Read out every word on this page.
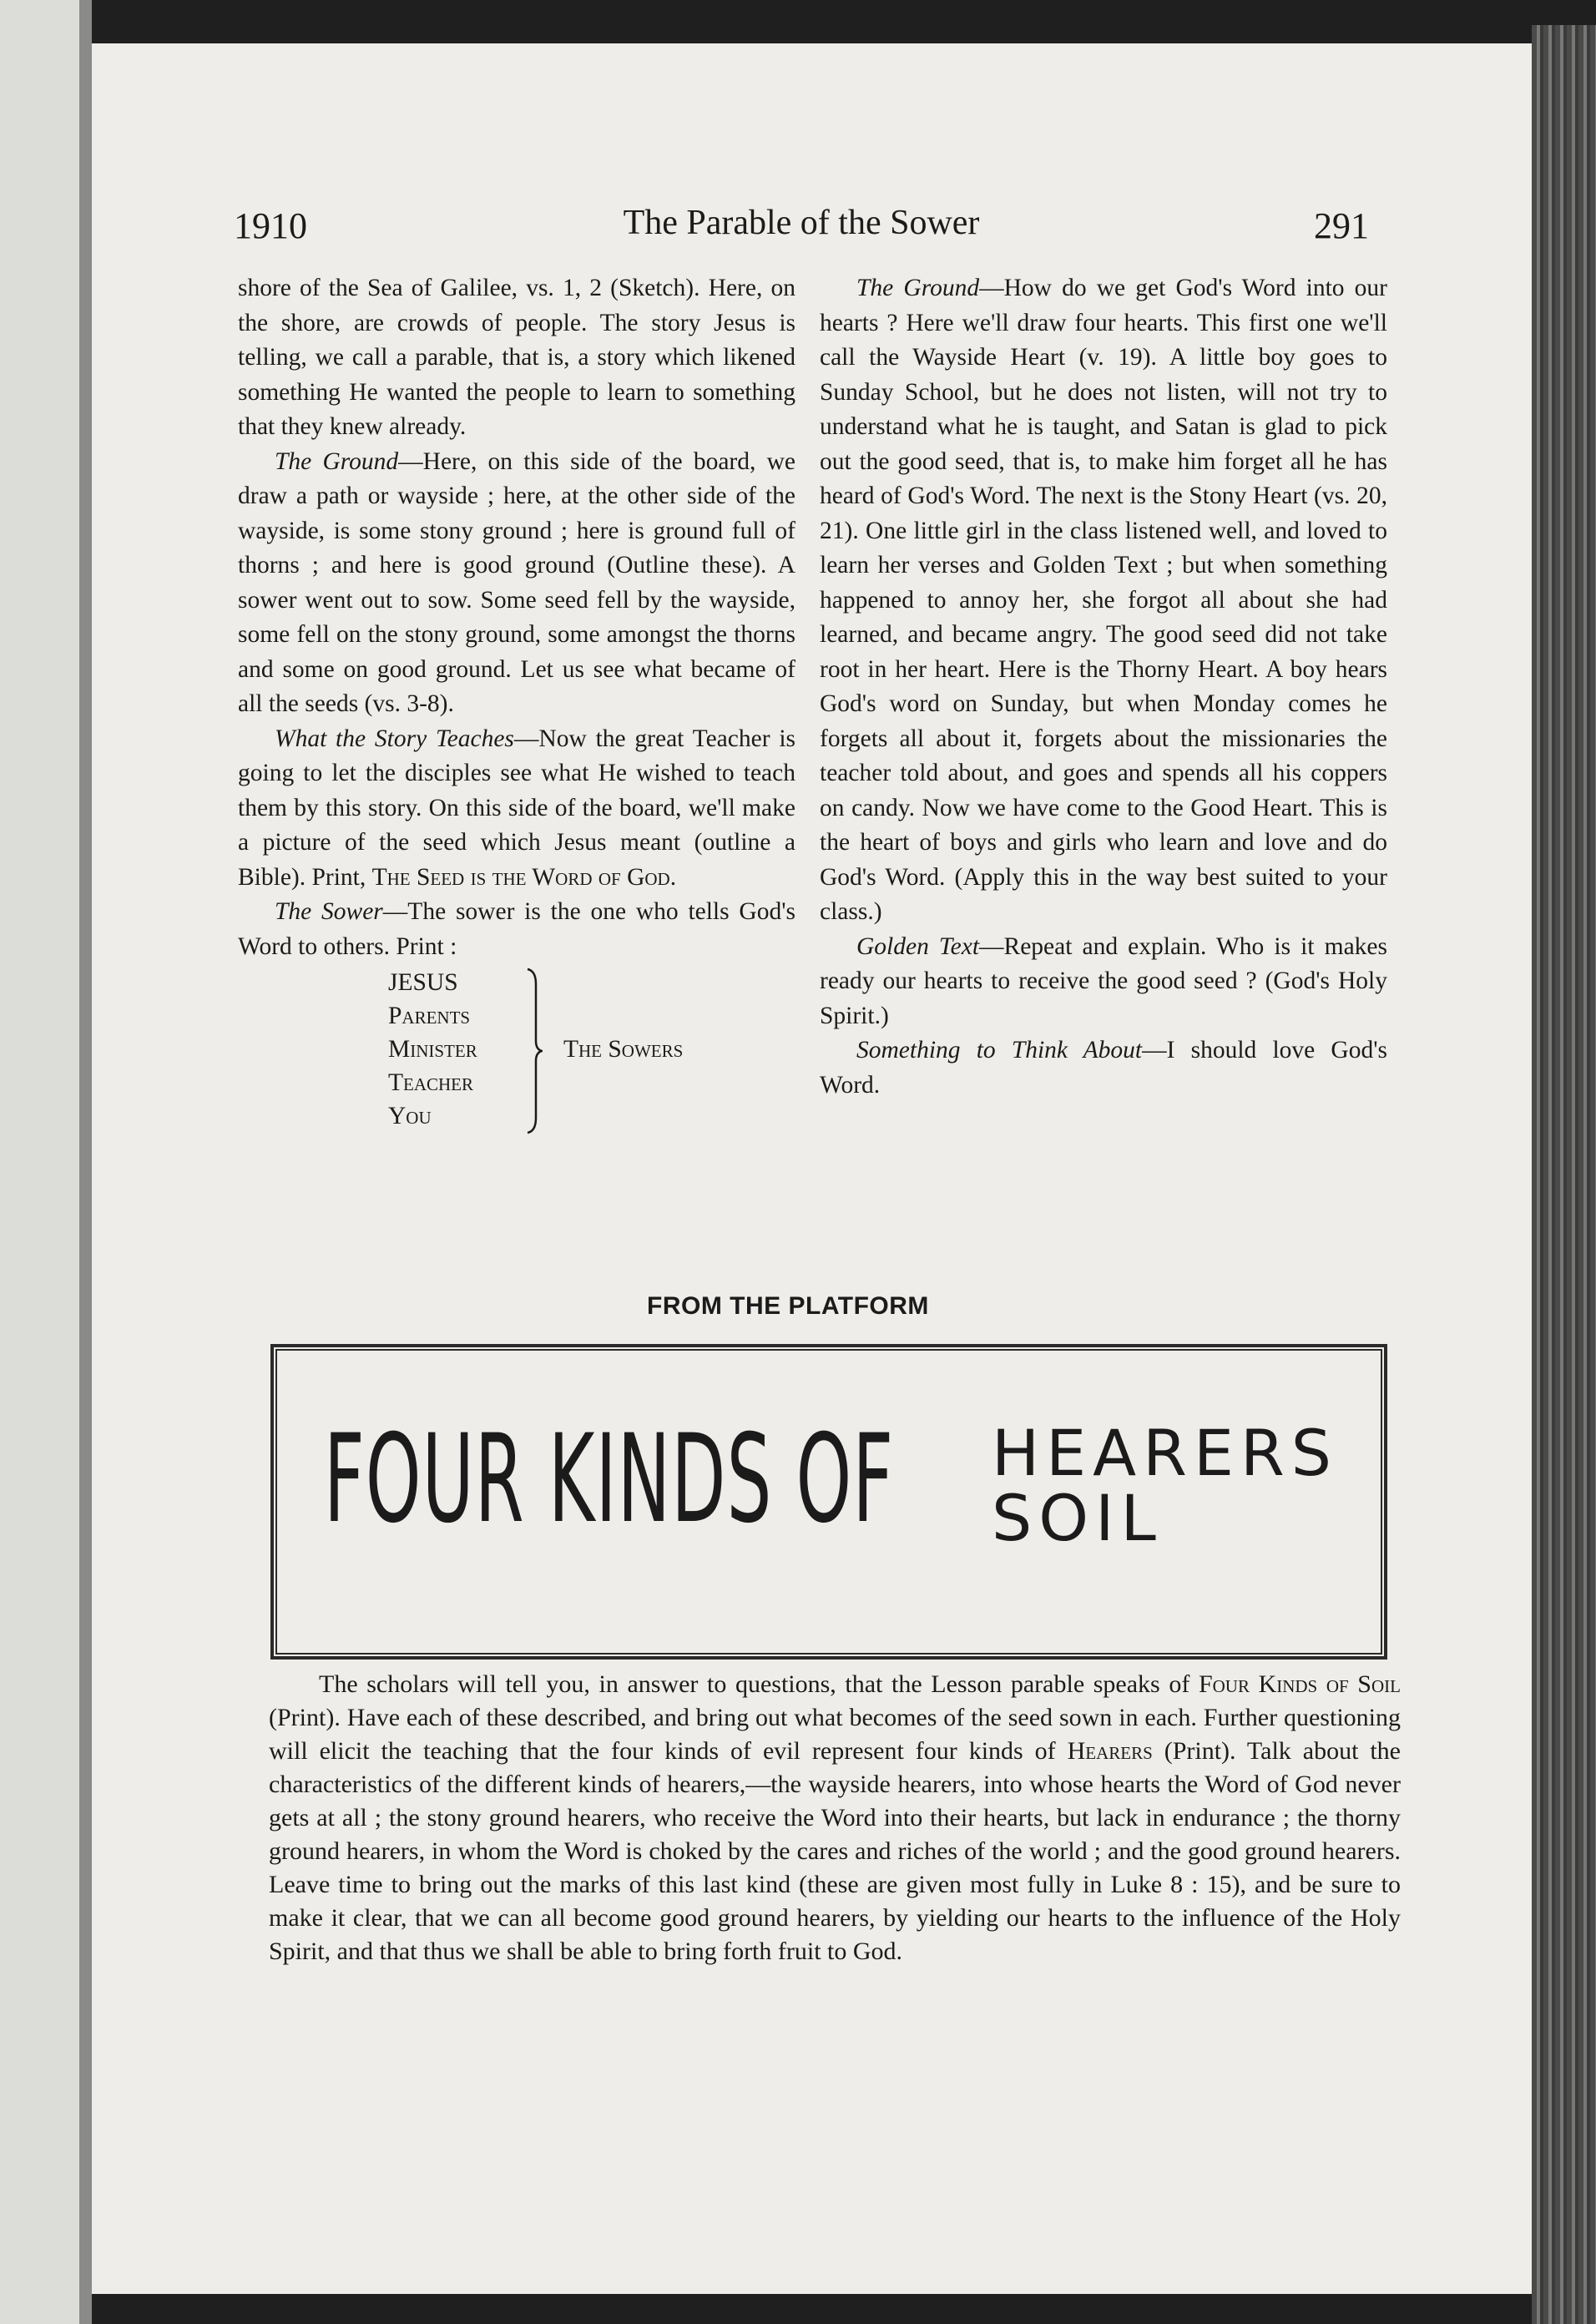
1910	The Parable of the Sower	291

shore of the Sea of Galilee, vs. 1, 2 (Sketch). Here, on the shore, are crowds of people. The story Jesus is telling, we call a parable, that is, a story which likened something He wanted the people to learn to something that they knew already.

The Ground—Here, on this side of the board, we draw a path or wayside ; here, at the other side of the wayside, is some stony ground ; here is ground full of thorns ; and here is good ground (Outline these). A sower went out to sow. Some seed fell by the wayside, some fell on the stony ground, some amongst the thorns and some on good ground. Let us see what became of all the seeds (vs. 3-8).

What the Story Teaches—Now the great Teacher is going to let the disciples see what He wished to teach them by this story. On this side of the board, we'll make a picture of the seed which Jesus meant (outline a Bible). Print, The Seed is the Word of God.

The Sower—The sower is the one who tells God's Word to others. Print :

JESUS
Parents
Minister
Teacher
You
The Sowers

The Ground—How do we get God's Word into our hearts ? Here we'll draw four hearts. This first one we'll call the Wayside Heart (v. 19). A little boy goes to Sunday School, but he does not listen, will not try to understand what he is taught, and Satan is glad to pick out the good seed, that is, to make him forget all he has heard of God's Word. The next is the Stony Heart (vs. 20, 21). One little girl in the class listened well, and loved to learn her verses and Golden Text ; but when something happened to annoy her, she forgot all about she had learned, and became angry. The good seed did not take root in her heart. Here is the Thorny Heart. A boy hears God's word on Sunday, but when Monday comes he forgets all about it, forgets about the missionaries the teacher told about, and goes and spends all his coppers on candy. Now we have come to the Good Heart. This is the heart of boys and girls who learn and love and do God's Word. (Apply this in the way best suited to your class.)

Golden Text—Repeat and explain. Who is it makes ready our hearts to receive the good seed ? (God's Holy Spirit.)

Something to Think About—I should love God's Word.

FROM THE PLATFORM
FOUR KINDS OF HEARERS
SOIL
The scholars will tell you, in answer to questions, that the Lesson parable speaks of Four Kinds of Soil (Print). Have each of these described, and bring out what becomes of the seed sown in each. Further questioning will elicit the teaching that the four kinds of evil represent four kinds of Hearers (Print). Talk about the characteristics of the different kinds of hearers,—the wayside hearers, into whose hearts the Word of God never gets at all ; the stony ground hearers, who receive the Word into their hearts, but lack in endurance ; the thorny ground hearers, in whom the Word is choked by the cares and riches of the world ; and the good ground hearers. Leave time to bring out the marks of this last kind (these are given most fully in Luke 8 : 15), and be sure to make it clear, that we can all become good ground hearers, by yielding our hearts to the influence of the Holy Spirit, and that thus we shall be able to bring forth fruit to God.
